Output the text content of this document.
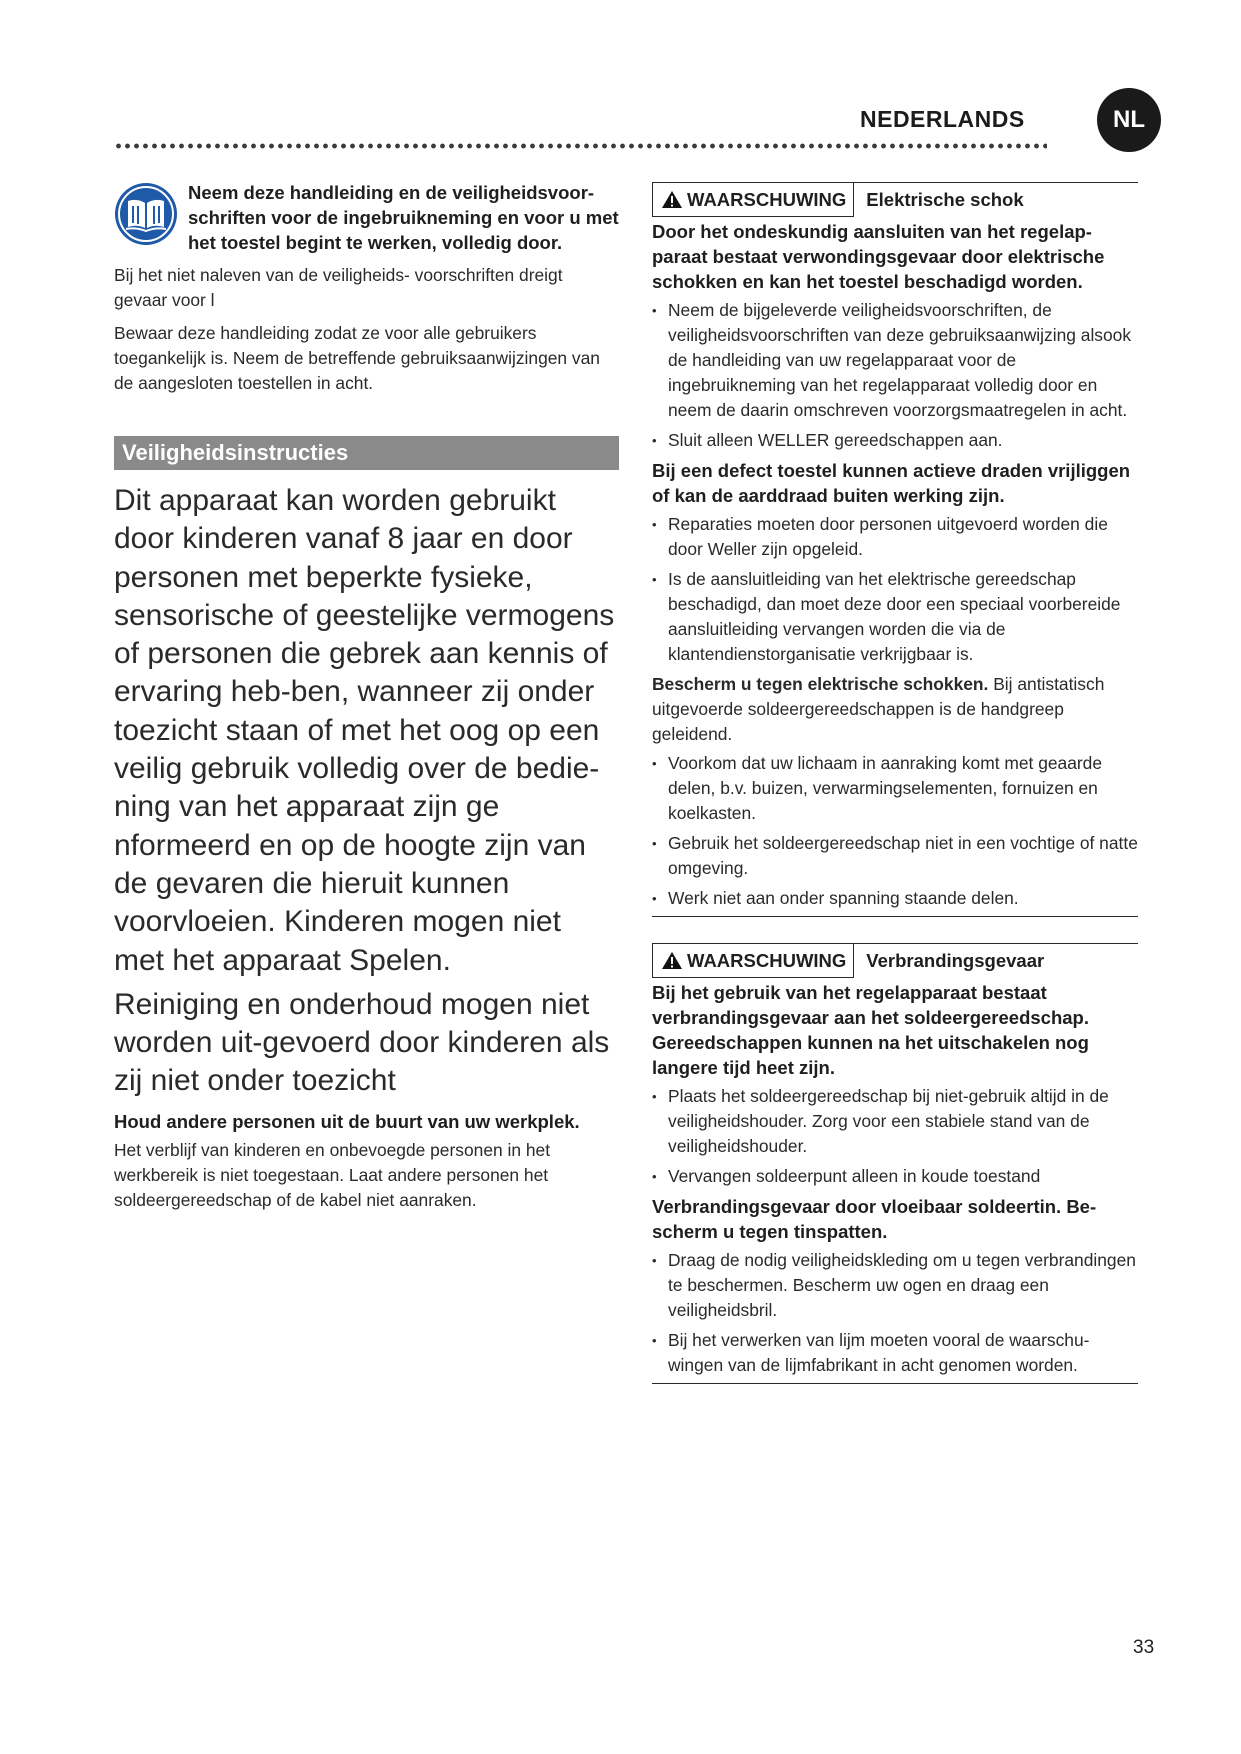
NEDERLANDS	NL

Neem deze handleiding en de veiligheidsvoor-schriften voor de ingebruikneming en voor u met het toestel begint te werken, volledig door.

Bij het niet naleven van de veiligheids- voorschriften dreigt gevaar voor l

Bewaar deze handleiding zodat ze voor alle gebruikers toegankelijk is. Neem de betreffende gebruiksaanwijzingen van de aangesloten toestellen in acht.

Veiligheidsinstructies

Dit apparaat kan worden gebruikt door kinderen vanaf 8 jaar en door personen met beperkte fysieke, sensorische of geestelijke vermogens of personen die gebrek aan kennis of ervaring heb-ben, wanneer zij onder toezicht staan of met het oog op een veilig gebruik volledig over de bedie-ning van het apparaat zijn ge nformeerd en op de hoogte zijn van de gevaren die hieruit kunnen voorvloeien. Kinderen mogen niet met het apparaat Spelen.

Reiniging en onderhoud mogen niet worden uit-gevoerd door kinderen als zij niet onder toezicht

Houd andere personen uit de buurt van uw werkplek.

Het verblijf van kinderen en onbevoegde personen in het werkbereik is niet toegestaan. Laat andere personen het soldeergereedschap of de kabel niet aanraken.

WAARSCHUWING	Elektrische schok

Door het ondeskundig aansluiten van het regelap-paraat bestaat verwondingsgevaar door elektrische schokken en kan het toestel beschadigd worden.

• Neem de bijgeleverde veiligheidsvoorschriften, de veiligheidsvoorschriften van deze gebruiksaanwijzing alsook de handleiding van uw regelapparaat voor de ingebruikneming van het regelapparaat volledig door en neem de daarin omschreven voorzorgsmaatregelen in acht.
• Sluit alleen WELLER gereedschappen aan.

Bij een defect toestel kunnen actieve draden vrijliggen of kan de aarddraad buiten werking zijn.

• Reparaties moeten door personen uitgevoerd worden die door Weller zijn opgeleid.
• Is de aansluitleiding van het elektrische gereedschap beschadigd, dan moet deze door een speciaal voorbereide aansluitleiding vervangen worden die via de klantendienstorganisatie verkrijgbaar is.

Bescherm u tegen elektrische schokken. Bij antistatisch uitgevoerde soldeergereedschappen is de handgreep geleidend.

• Voorkom dat uw lichaam in aanraking komt met geaarde delen, b.v. buizen, verwarmingselementen, fornuizen en koelkasten.
• Gebruik het soldeergereedschap niet in een vochtige of natte omgeving.
• Werk niet aan onder spanning staande delen.
WAARSCHUWING	Verbrandingsgevaar

Bij het gebruik van het regelapparaat bestaat verbrandingsgevaar aan het soldeergereedschap. Gereedschappen kunnen na het uitschakelen nog langere tijd heet zijn.

• Plaats het soldeergereedschap bij niet-gebruik altijd in de veiligheidshouder. Zorg voor een stabiele stand van de veiligheidshouder.
• Vervangen soldeerpunt alleen in koude toestand

Verbrandingsgevaar door vloeibaar soldeertin. Be-scherm u tegen tinspatten.

• Draag de nodig veiligheidskleding om u tegen verbrandingen te beschermen. Bescherm uw ogen en draag een veiligheidsbril.
• Bij het verwerken van lijm moeten vooral de waarschu-wingen van de lijmfabrikant in acht genomen worden.
33
